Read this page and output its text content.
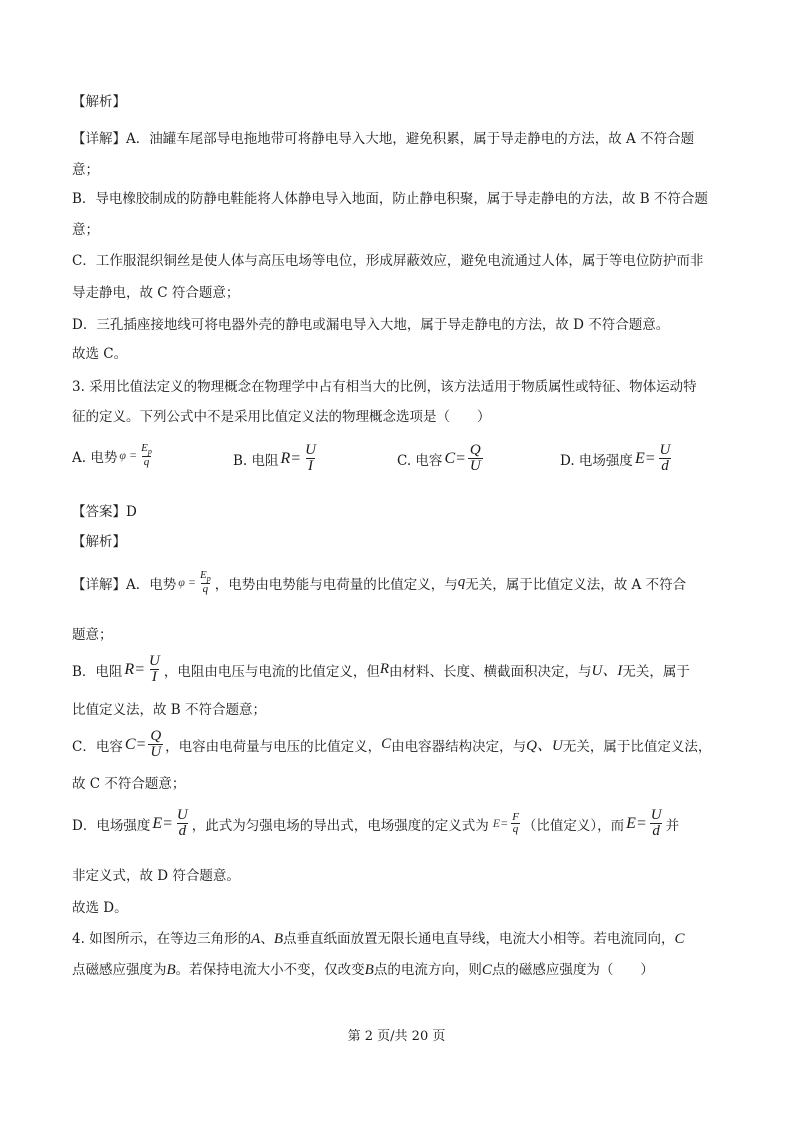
【解析】
【详解】A．油罐车尾部导电拖地带可将静电导入大地，避免积累，属于导走静电的方法，故 A 不符合题
意；
B．导电橡胶制成的防静电鞋能将人体静电导入地面，防止静电积聚，属于导走静电的方法，故 B 不符合题
意；
C．工作服混织铜丝是使人体与高压电场等电位，形成屏蔽效应，避免电流通过人体，属于等电位防护而非
导走静电，故 C 符合题意；
D．三孔插座接地线可将电器外壳的静电或漏电导入大地，属于导走静电的方法，故 D 不符合题意。
故选 C。
3. 采用比值法定义的物理概念在物理学中占有相当大的比例，该方法适用于物质属性或特征、物体运动特
征的定义。下列公式中不是采用比值定义法的物理概念选项是（　　）
A. 电势 $\varphi = \frac{E_p}{q}$	B. 电阻 $R= \frac{U}{I}$	C. 电容 $C= \frac{Q}{U}$	D. 电场强度 $E= \frac{U}{d}$
【答案】D
【解析】
【详解】A．电势 $\varphi = \frac{E_p}{q}$ ，电势由电势能与电荷量的比值定义，与 q 无关，属于比值定义法，故 A 不符合
题意；
B．电阻 $R= \frac{U}{I}$ ，电阻由电压与电流的比值定义，但 R 由材料、长度、横截面积决定，与 U、I 无关，属于
比值定义法，故 B 不符合题意；
C．电容 $C= \frac{Q}{U}$ ，电容由电荷量与电压的比值定义， C 由电容器结构决定，与 Q、U 无关，属于比值定义法，
故 C 不符合题意；
D．电场强度 $E= \frac{U}{d}$ ，此式为匀强电场的导出式，电场强度的定义式为 $E= \frac{F}{q}$ （比值定义），而 $E= \frac{U}{d}$ 并
非定义式，故 D 符合题意。
故选 D。
4. 如图所示，在等边三角形的A、B点垂直纸面放置无限长通电直导线，电流大小相等。若电流同向，C
点磁感应强度为B。若保持电流大小不变，仅改变B点的电流方向，则C点的磁感应强度为（　　）
第 2 页/共 20 页
